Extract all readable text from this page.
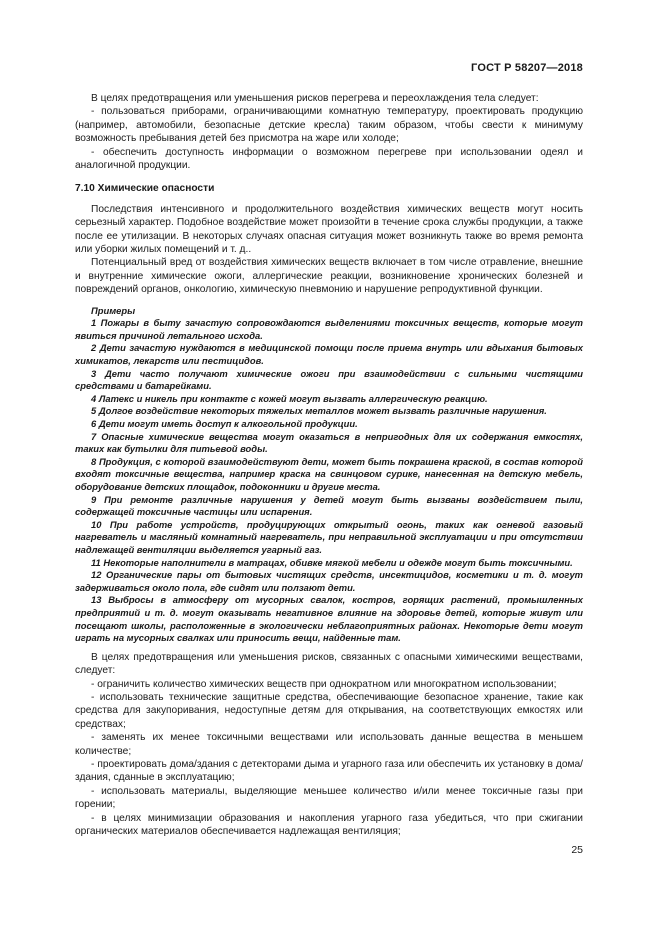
ГОСТ Р 58207—2018

В целях предотвращения или уменьшения рисков перегрева и переохлаждения тела следует:

- пользоваться приборами, ограничивающими комнатную температуру, проектировать продукцию (например, автомобили, безопасные детские кресла) таким образом, чтобы свести к минимуму возможность пребывания детей без присмотра на жаре или холоде;

- обеспечить доступность информации о возможном перегреве при использовании одеял и аналогичной продукции.

7.10 Химические опасности

Последствия интенсивного и продолжительного воздействия химических веществ могут носить серьезный характер. Подобное воздействие может произойти в течение срока службы продукции, а также после ее утилизации. В некоторых случаях опасная ситуация может возникнуть также во время ремонта или уборки жилых помещений и т. д..

Потенциальный вред от воздействия химических веществ включает в том числе отравление, внешние и внутренние химические ожоги, аллергические реакции, возникновение хронических болезней и повреждений органов, онкологию, химическую пневмонию и нарушение репродуктивной функции.

Примеры

1 Пожары в быту зачастую сопровождаются выделениями токсичных веществ, которые могут явиться причиной летального исхода.

2 Дети зачастую нуждаются в медицинской помощи после приема внутрь или вдыхания бытовых химикатов, лекарств или пестицидов.

3 Дети часто получают химические ожоги при взаимодействии с сильными чистящими средствами и батарейками.

4 Латекс и никель при контакте с кожей могут вызвать аллергическую реакцию.

5 Долгое воздействие некоторых тяжелых металлов может вызвать различные нарушения.

6 Дети могут иметь доступ к алкогольной продукции.

7 Опасные химические вещества могут оказаться в непригодных для их содержания емкостях, таких как бутылки для питьевой воды.

8 Продукция, с которой взаимодействуют дети, может быть покрашена краской, в состав которой входят токсичные вещества, например краска на свинцовом сурике, нанесенная на детскую мебель, оборудование детских площадок, подоконники и другие места.

9 При ремонте различные нарушения у детей могут быть вызваны воздействием пыли, содержащей токсичные частицы или испарения.

10 При работе устройств, продуцирующих открытый огонь, таких как огневой газовый нагреватель и масляный комнатный нагреватель, при неправильной эксплуатации и при отсутствии надлежащей вентиляции выделяется угарный газ.

11 Некоторые наполнители в матрацах, обивке мягкой мебели и одежде могут быть токсичными.

12 Органические пары от бытовых чистящих средств, инсектицидов, косметики и т. д. могут задерживаться около пола, где сидят или ползают дети.

13 Выбросы в атмосферу от мусорных свалок, костров, горящих растений, промышленных предприятий и т. д. могут оказывать негативное влияние на здоровье детей, которые живут или посещают школы, расположенные в экологически неблагоприятных районах. Некоторые дети могут играть на мусорных свалках или приносить вещи, найденные там.

В целях предотвращения или уменьшения рисков, связанных с опасными химическими веществами, следует:

- ограничить количество химических веществ при однократном или многократном использовании;

- использовать технические защитные средства, обеспечивающие безопасное хранение, такие как средства для закупоривания, недоступные детям для открывания, на соответствующих емкостях или средствах;

- заменять их менее токсичными веществами или использовать данные вещества в меньшем количестве;

- проектировать дома/здания с детекторами дыма и угарного газа или обеспечить их установку в дома/здания, сданные в эксплуатацию;

- использовать материалы, выделяющие меньшее количество и/или менее токсичные газы при горении;

- в целях минимизации образования и накопления угарного газа убедиться, что при сжигании органических материалов обеспечивается надлежащая вентиляция;

25
